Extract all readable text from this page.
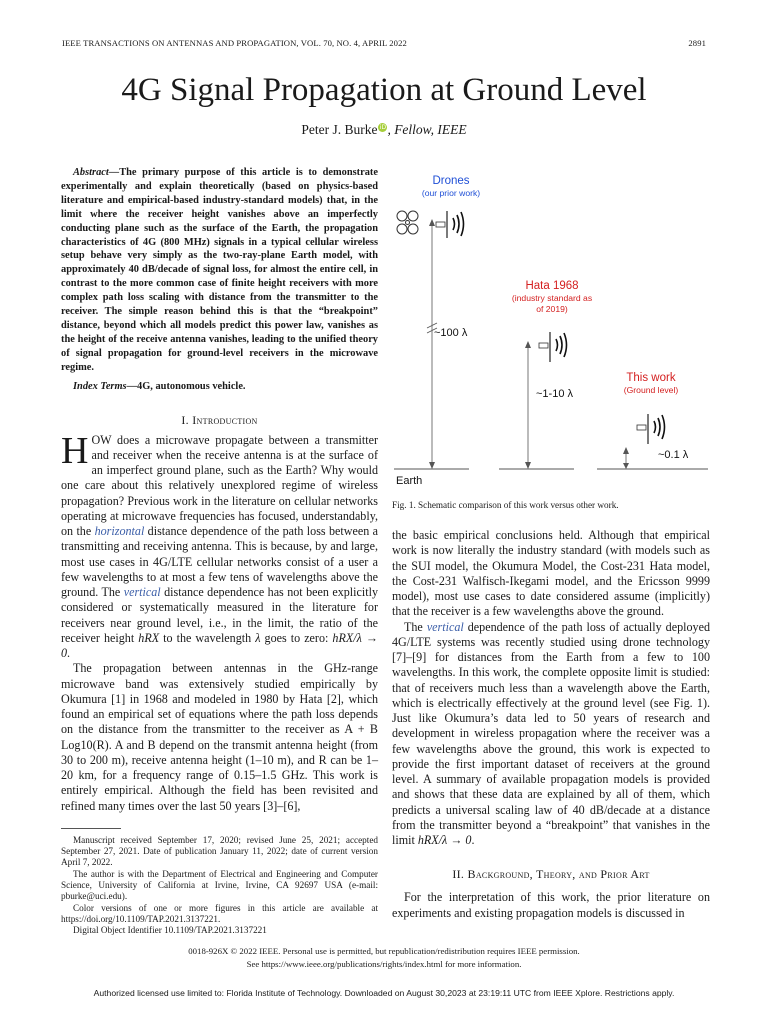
IEEE TRANSACTIONS ON ANTENNAS AND PROPAGATION, VOL. 70, NO. 4, APRIL 2022	2891
4G Signal Propagation at Ground Level
Peter J. Burke iD, Fellow, IEEE

Abstract—The primary purpose of this article is to demonstrate experimentally and explain theoretically (based on physics-based literature and empirical-based industry-standard models) that, in the limit where the receiver height vanishes above an imperfectly conducting plane such as the surface of the Earth, the propagation characteristics of 4G (800 MHz) signals in a typical cellular wireless setup behave very simply as the two-ray-plane Earth model, with approximately 40 dB/decade of signal loss, for almost the entire cell, in contrast to the more common case of finite height receivers with more complex path loss scaling with distance from the transmitter to the receiver. The simple reason behind this is that the “breakpoint” distance, beyond which all models predict this power law, vanishes as the height of the receive antenna vanishes, leading to the unified theory of signal propagation for ground-level receivers in the microwave regime.

Index Terms—4G, autonomous vehicle.

I. Introduction

HOW does a microwave propagate between a transmitter and receiver when the receive antenna is at the surface of an imperfect ground plane, such as the Earth? Why would one care about this relatively unexplored regime of wireless propagation? Previous work in the literature on cellular networks operating at microwave frequencies has focused, understandably, on the horizontal distance dependence of the path loss between a transmitting and receiving antenna. This is because, by and large, most use cases in 4G/LTE cellular networks consist of a user a few wavelengths to at most a few tens of wavelengths above the ground. The vertical distance dependence has not been explicitly considered or systematically measured in the literature for receivers near ground level, i.e., in the limit, the ratio of the receiver height hRX to the wavelength λ goes to zero: hRX/λ → 0.

The propagation between antennas in the GHz-range microwave band was extensively studied empirically by Okumura [1] in 1968 and modeled in 1980 by Hata [2], which found an empirical set of equations where the path loss depends on the distance from the transmitter to the receiver as A + B Log10(R). A and B depend on the transmit antenna height (from 30 to 200 m), receive antenna height (1–10 m), and R can be 1–20 km, for a frequency range of 0.15–1.5 GHz. This work is entirely empirical. Although the field has been revisited and refined many times over the last 50 years [3]–[6],

Manuscript received September 17, 2020; revised June 25, 2021; accepted September 27, 2021. Date of publication January 11, 2022; date of current version April 7, 2022.

The author is with the Department of Electrical and Engineering and Computer Science, University of California at Irvine, Irvine, CA 92697 USA (e-mail: pburke@uci.edu).

Color versions of one or more figures in this article are available at https://doi.org/10.1109/TAP.2021.3137221.

Digital Object Identifier 10.1109/TAP.2021.3137221

Drones
(our prior work)
~100 λ
Hata 1968
(industry standard as
of 2019)
~1-10 λ
This work
(Ground level)
~0.1 λ
Earth
Fig. 1. Schematic comparison of this work versus other work.

the basic empirical conclusions held. Although that empirical work is now literally the industry standard (with models such as the SUI model, the Okumura Model, the Cost-231 Hata model, the Cost-231 Walfisch-Ikegami model, and the Ericsson 9999 model), most use cases to date considered assume (implicitly) that the receiver is a few wavelengths above the ground.

The vertical dependence of the path loss of actually deployed 4G/LTE systems was recently studied using drone technology [7]–[9] for distances from the Earth from a few to 100 wavelengths. In this work, the complete opposite limit is studied: that of receivers much less than a wavelength above the Earth, which is electrically effectively at the ground level (see Fig. 1). Just like Okumura’s data led to 50 years of research and development in wireless propagation where the receiver was a few wavelengths above the ground, this work is expected to provide the first important dataset of receivers at the ground level. A summary of available propagation models is provided and shows that these data are explained by all of them, which predicts a universal scaling law of 40 dB/decade at a distance from the transmitter beyond a “breakpoint” that vanishes in the limit hRX/λ → 0.

II. Background, Theory, and Prior Art

For the interpretation of this work, the prior literature on experiments and existing propagation models is discussed in

0018-926X © 2022 IEEE. Personal use is permitted, but republication/redistribution requires IEEE permission.
See https://www.ieee.org/publications/rights/index.html for more information.
Authorized licensed use limited to: Florida Institute of Technology. Downloaded on August 30,2023 at 23:19:11 UTC from IEEE Xplore. Restrictions apply.
